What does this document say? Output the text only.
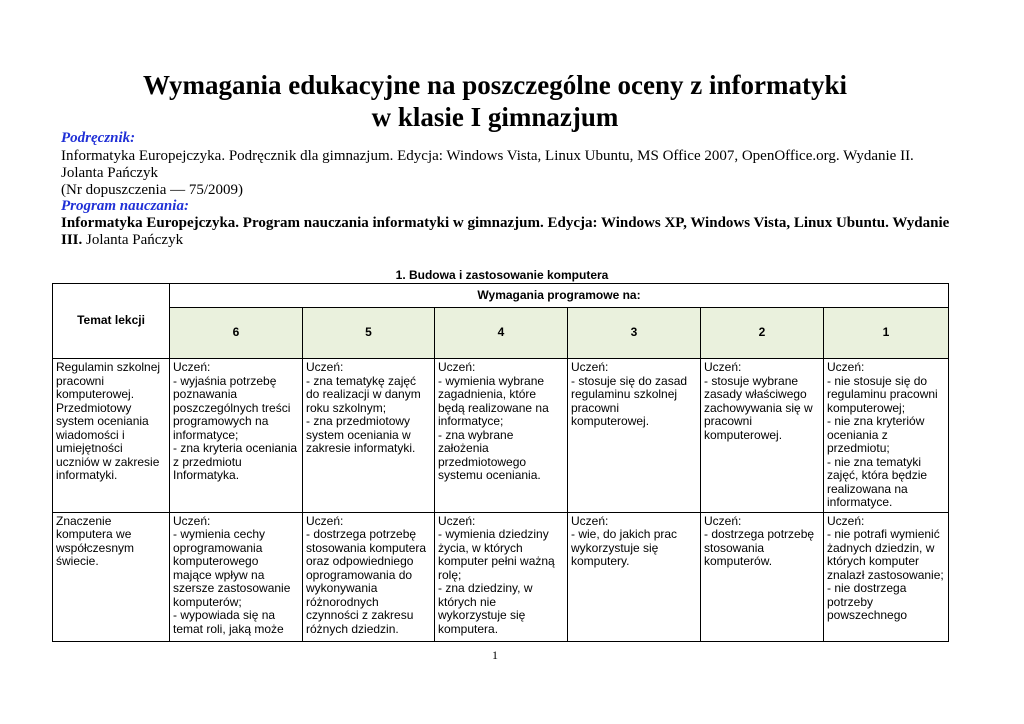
Wymagania edukacyjne na poszczególne oceny z informatyki
w klasie I gimnazjum
Podręcznik:
Informatyka Europejczyka. Podręcznik dla gimnazjum. Edycja: Windows Vista, Linux Ubuntu, MS Office 2007, OpenOffice.org. Wydanie II.
Jolanta Pańczyk
(Nr dopuszczenia — 75/2009)
Program nauczania:
Informatyka Europejczyka. Program nauczania informatyki w gimnazjum. Edycja: Windows XP, Windows Vista, Linux Ubuntu. Wydanie III. Jolanta Pańczyk
1. Budowa i zastosowanie komputera
Temat lekcji	Wymagania programowe na:					
	6	5	4	3	2	1

Regulamin szkolnej pracowni komputerowej. Przedmiotowy system oceniania wiadomości i umiejętności uczniów w zakresie informatyki.	Uczeń:
- wyjaśnia potrzebę poznawania poszczególnych treści programowych na informatyce;
- zna kryteria oceniania z przedmiotu Informatyka.	Uczeń:
- zna tematykę zajęć do realizacji w danym roku szkolnym;
- zna przedmiotowy system oceniania w zakresie informatyki.	Uczeń:
- wymienia wybrane zagadnienia, które będą realizowane na informatyce;
- zna wybrane założenia przedmiotowego systemu oceniania.	Uczeń:
- stosuje się do zasad regulaminu szkolnej pracowni komputerowej.	Uczeń:
- stosuje wybrane zasady właściwego zachowywania się w pracowni komputerowej.	Uczeń:
- nie stosuje się do regulaminu pracowni komputerowej;
- nie zna kryteriów oceniania z przedmiotu;
- nie zna tematyki zajęć, która będzie realizowana na informatyce.

Znaczenie komputera we współczesnym świecie.	Uczeń:
- wymienia cechy oprogramowania komputerowego mające wpływ na szersze zastosowanie komputerów;
- wypowiada się na temat roli, jaką może	Uczeń:
- dostrzega potrzebę stosowania komputera oraz odpowiedniego oprogramowania do wykonywania różnorodnych czynności z zakresu różnych dziedzin.	Uczeń:
- wymienia dziedziny życia, w których komputer pełni ważną rolę;
- zna dziedziny, w których nie wykorzystuje się komputera.	Uczeń:
- wie, do jakich prac wykorzystuje się komputery.	Uczeń:
- dostrzega potrzebę stosowania komputerów.	Uczeń:
- nie potrafi wymienić żadnych dziedzin, w których komputer znalazł zastosowanie;
- nie dostrzega potrzeby powszechnego
1
